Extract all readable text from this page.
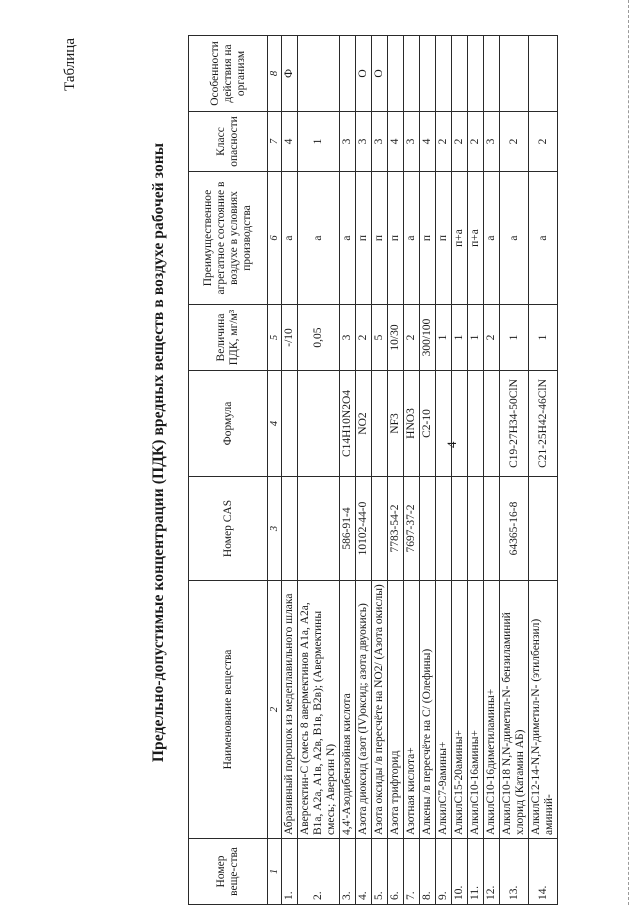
4
Таблица
Предельно-допустимые концентрации (ПДК) вредных веществ в воздухе рабочей зоны
Номер веще-ства	Наименование вещества	Номер CAS	Формула	Величина ПДК, мг/м³	Преимущественное агрегатное состояние в воздухе в условиях производства	Класс опасности	Особенности действия на организм
1	2	3	4	5	6	7	8
1.	Абразивный порошок из медеплавильного шлака			-/10	а	4	Ф
2.	Аверсектин-С (смесь 8 авермектинов А1а, А2а, В1а, А2а, А1в, А2в, В1в, В2в); (Авермектины смесь; Аверсин N)			0,05	а	1	
3.	4,4'-Азодибензойная кислота	586-91-4	C14H10N2O4	3	а	3	
4.	Азота диоксид (азот (IV)оксид; азота двуокись)	10102-44-0	NO2	2	п	3	О
5.	Азота оксиды /в пересчёте на NO2/ (Азота окислы)			5	п	3	О
6.	Азота трифторид	7783-54-2	NF3	10/30	п	4	
7.	Азотная кислота+	7697-37-2	HNO3	2	а	3	
8.	Алкены /в пересчёте на С/ (Олефины)		C2-10	300/100	п	4	
9.	АлкилС7-9амины+			1	п	2	
10.	АлкилС15-20амины+			1	п+а	2	
11.	АлкилС10-16амины+			1	п+а	2	
12.	АлкилС10-16диметиламины+			2	а	3	
13.	АлкилС10-18 N,N-диметил-N- бензиламиний хлорид (Катамин АБ)	64365-16-8	C19-27H34-50ClN	1	а	2	
14.	АлкилС12-14-N,N-диметил-N- (этилбензил) аминий-		C21-25H42-46ClN	1	а	2	
